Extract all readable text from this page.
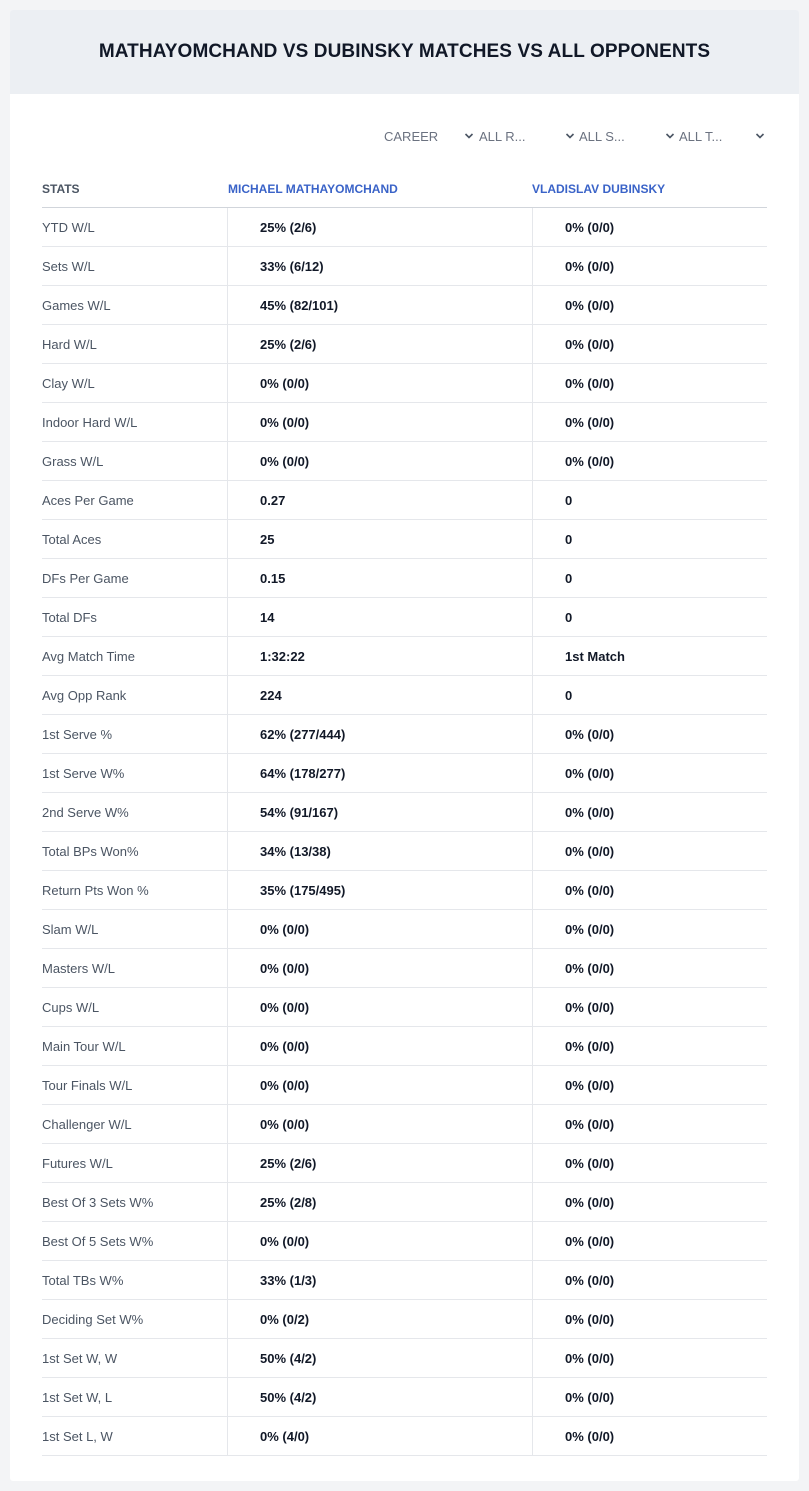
MATHAYOMCHAND VS DUBINSKY MATCHES VS ALL OPPONENTS
CAREER	ALL R...	ALL S...	ALL T...
STATS	MICHAEL MATHAYOMCHAND	VLADISLAV DUBINSKY
YTD W/L	25% (2/6)	0% (0/0)
Sets W/L	33% (6/12)	0% (0/0)
Games W/L	45% (82/101)	0% (0/0)
Hard W/L	25% (2/6)	0% (0/0)
Clay W/L	0% (0/0)	0% (0/0)
Indoor Hard W/L	0% (0/0)	0% (0/0)
Grass W/L	0% (0/0)	0% (0/0)
Aces Per Game	0.27	0
Total Aces	25	0
DFs Per Game	0.15	0
Total DFs	14	0
Avg Match Time	1:32:22	1st Match
Avg Opp Rank	224	0
1st Serve %	62% (277/444)	0% (0/0)
1st Serve W%	64% (178/277)	0% (0/0)
2nd Serve W%	54% (91/167)	0% (0/0)
Total BPs Won%	34% (13/38)	0% (0/0)
Return Pts Won %	35% (175/495)	0% (0/0)
Slam W/L	0% (0/0)	0% (0/0)
Masters W/L	0% (0/0)	0% (0/0)
Cups W/L	0% (0/0)	0% (0/0)
Main Tour W/L	0% (0/0)	0% (0/0)
Tour Finals W/L	0% (0/0)	0% (0/0)
Challenger W/L	0% (0/0)	0% (0/0)
Futures W/L	25% (2/6)	0% (0/0)
Best Of 3 Sets W%	25% (2/8)	0% (0/0)
Best Of 5 Sets W%	0% (0/0)	0% (0/0)
Total TBs W%	33% (1/3)	0% (0/0)
Deciding Set W%	0% (0/2)	0% (0/0)
1st Set W, W	50% (4/2)	0% (0/0)
1st Set W, L	50% (4/2)	0% (0/0)
1st Set L, W	0% (4/0)	0% (0/0)
